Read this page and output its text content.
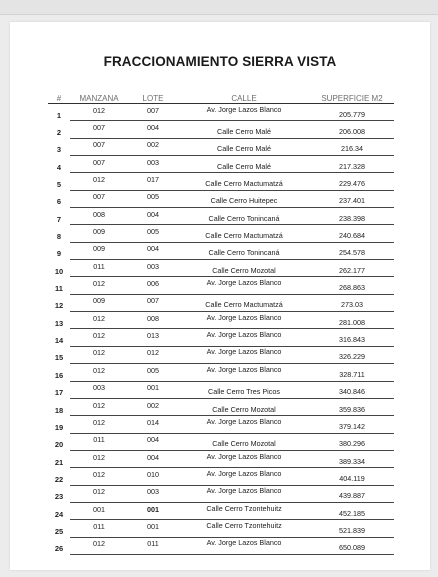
FRACCIONAMIENTO SIERRA VISTA
#	MANZANA	LOTE	CALLE	SUPERFICIE M2

1	012	007	Av. Jorge Lazos Blanco	205.779

2	007	004	Calle Cerro Malé	206.008

3	007	002	Calle Cerro Malé	216.34

4	007	003	Calle Cerro Malé	217.328

5	012	017	Calle Cerro Mactumatzá	229.476

6	007	005	Calle Cerro Huitepec	237.401

7	008	004	Calle Cerro Tonincaná	238.398

8	009	005	Calle Cerro Mactumatzá	240.684

9	009	004	Calle Cerro Tonincaná	254.578

10	011	003	Calle Cerro Mozotal	262.177

11	012	006	Av. Jorge Lazos Blanco	268.863

12	009	007	Calle Cerro Mactumatzá	273.03

13	012	008	Av. Jorge Lazos Blanco	281.008

14	012	013	Av. Jorge Lazos Blanco	316.843

15	012	012	Av. Jorge Lazos Blanco	326.229

16	012	005	Av. Jorge Lazos Blanco	328.711

17	003	001	Calle Cerro Tres Picos	340.846

18	012	002	Calle Cerro Mozotal	359.836

19	012	014	Av. Jorge Lazos Blanco	379.142

20	011	004	Calle Cerro Mozotal	380.296

21	012	004	Av. Jorge Lazos Blanco	389.334

22	012	010	Av. Jorge Lazos Blanco	404.119

23	012	003	Av. Jorge Lazos Blanco	439.887

24	001	001	Calle Cerro Tzontehuitz	452.185

25	011	001	Calle Cerro Tzontehuitz	521.839

26	012	011	Av. Jorge Lazos Blanco	650.089
